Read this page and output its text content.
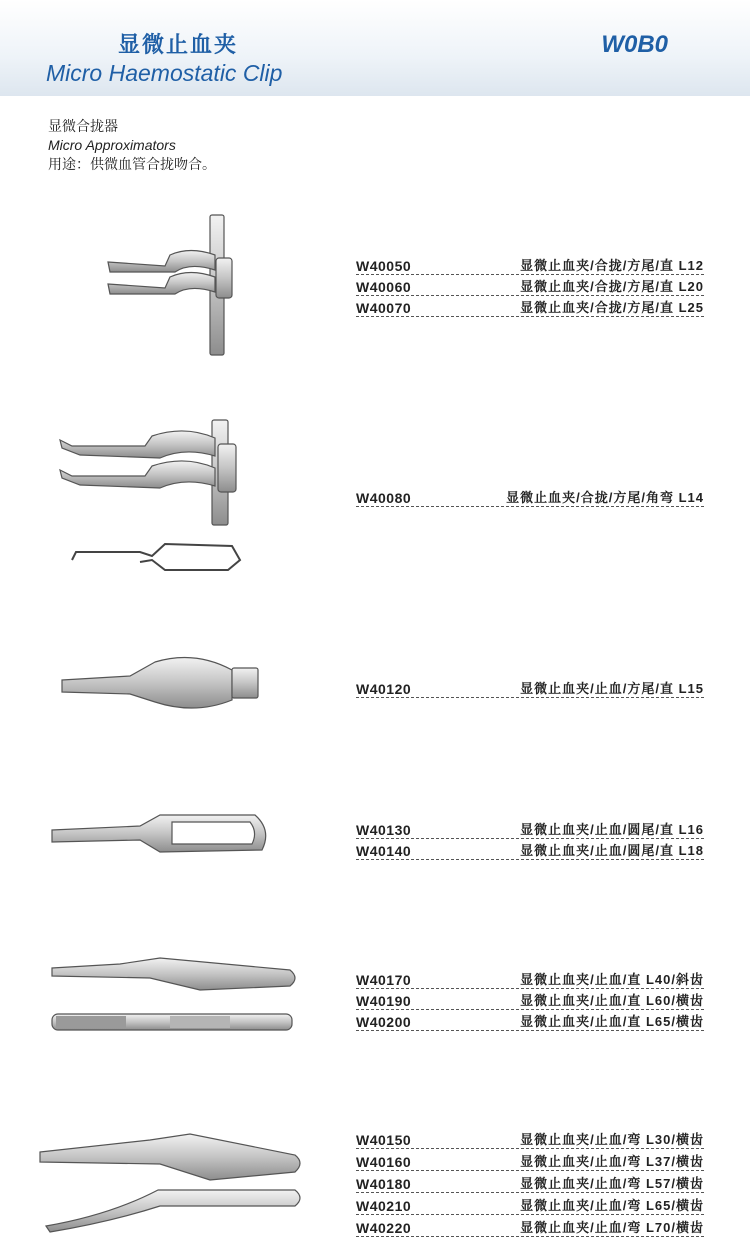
显微止血夹
Micro Haemostatic Clip
W0B0
显微合拢器
Micro Approximators
用途：供微血管合拢吻合。
W40050	显微止血夹/合拢/方尾/直 L12
W40060	显微止血夹/合拢/方尾/直 L20
W40070	显微止血夹/合拢/方尾/直 L25
W40080	显微止血夹/合拢/方尾/角弯 L14
W40120	显微止血夹/止血/方尾/直 L15
W40130	显微止血夹/止血/圆尾/直 L16
W40140	显微止血夹/止血/圆尾/直 L18
W40170	显微止血夹/止血/直 L40/斜齿
W40190	显微止血夹/止血/直 L60/横齿
W40200	显微止血夹/止血/直 L65/横齿
W40150	显微止血夹/止血/弯 L30/横齿
W40160	显微止血夹/止血/弯 L37/横齿
W40180	显微止血夹/止血/弯 L57/横齿
W40210	显微止血夹/止血/弯 L65/横齿
W40220	显微止血夹/止血/弯 L70/横齿
